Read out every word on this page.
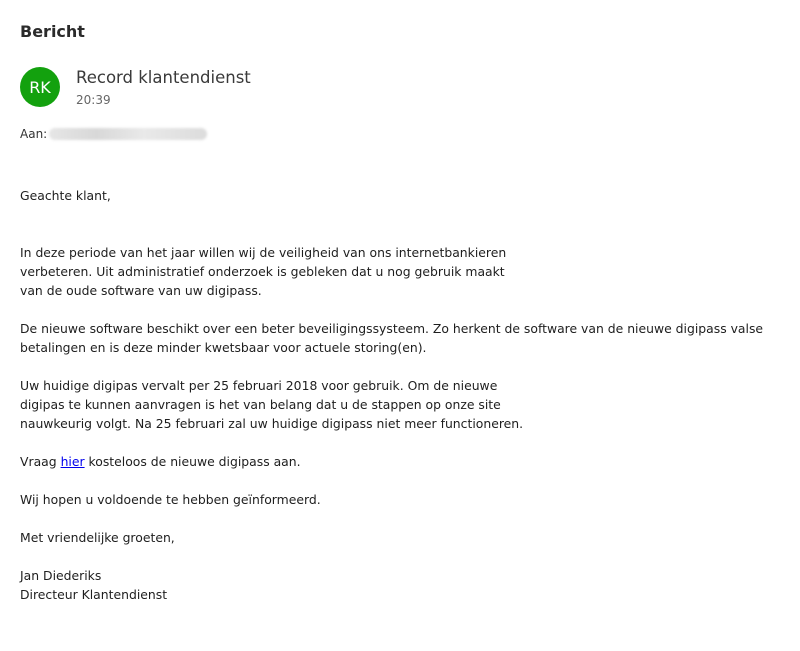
Bericht
RK Record klantendienst
20:39
Aan:

Geachte klant,

In deze periode van het jaar willen wij de veiligheid van ons internetbankieren

verbeteren. Uit administratief onderzoek is gebleken dat u nog gebruik maakt

van de oude software van uw digipass.

De nieuwe software beschikt over een beter beveiligingssysteem. Zo herkent de software van de nieuwe digipass valse

betalingen en is deze minder kwetsbaar voor actuele storing(en).

Uw huidige digipas vervalt per 25 februari 2018 voor gebruik. Om de nieuwe

digipas te kunnen aanvragen is het van belang dat u de stappen op onze site

nauwkeurig volgt. Na 25 februari zal uw huidige digipass niet meer functioneren.

Vraag hier kosteloos de nieuwe digipass aan.

Wij hopen u voldoende te hebben geïnformeerd.

Met vriendelijke groeten,

Jan Diederiks

Directeur Klantendienst
